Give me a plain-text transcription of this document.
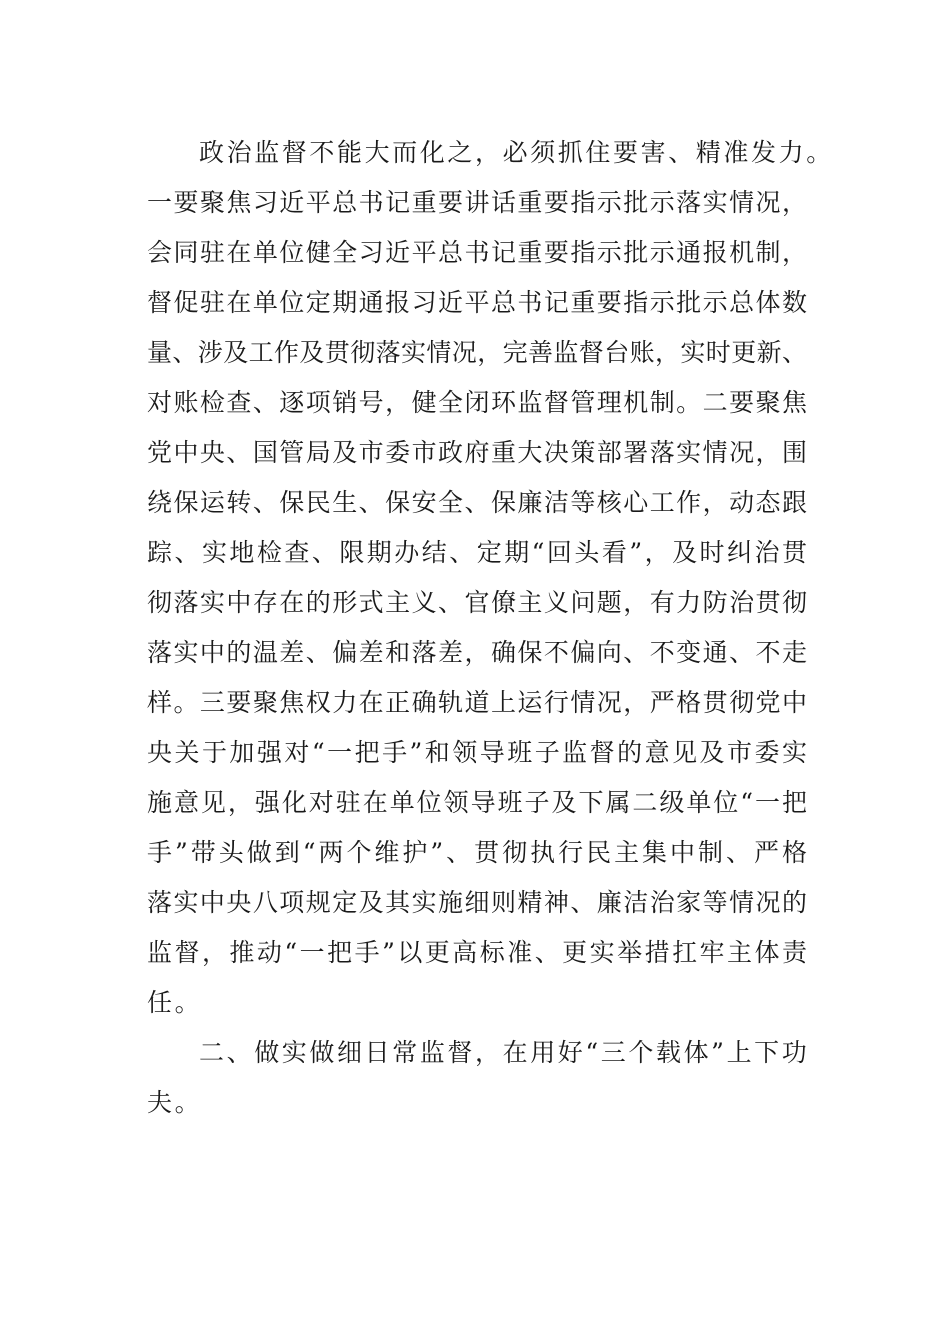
政治监督不能大而化之，必须抓住要害、精准发力。
一要聚焦习近平总书记重要讲话重要指示批示落实情况，
会同驻在单位健全习近平总书记重要指示批示通报机制，
督促驻在单位定期通报习近平总书记重要指示批示总体数
量、涉及工作及贯彻落实情况，完善监督台账，实时更新、
对账检查、逐项销号，健全闭环监督管理机制。二要聚焦
党中央、国管局及市委市政府重大决策部署落实情况，围
绕保运转、保民生、保安全、保廉洁等核心工作，动态跟
踪、实地检查、限期办结、定期“回头看”，及时纠治贯
彻落实中存在的形式主义、官僚主义问题，有力防治贯彻
落实中的温差、偏差和落差，确保不偏向、不变通、不走
样。三要聚焦权力在正确轨道上运行情况，严格贯彻党中
央关于加强对“一把手”和领导班子监督的意见及市委实
施意见，强化对驻在单位领导班子及下属二级单位“一把
手”带头做到“两个维护”、贯彻执行民主集中制、严格
落实中央八项规定及其实施细则精神、廉洁治家等情况的
监督，推动“一把手”以更高标准、更实举措扛牢主体责
任。
二、做实做细日常监督，在用好“三个载体”上下功
夫。
